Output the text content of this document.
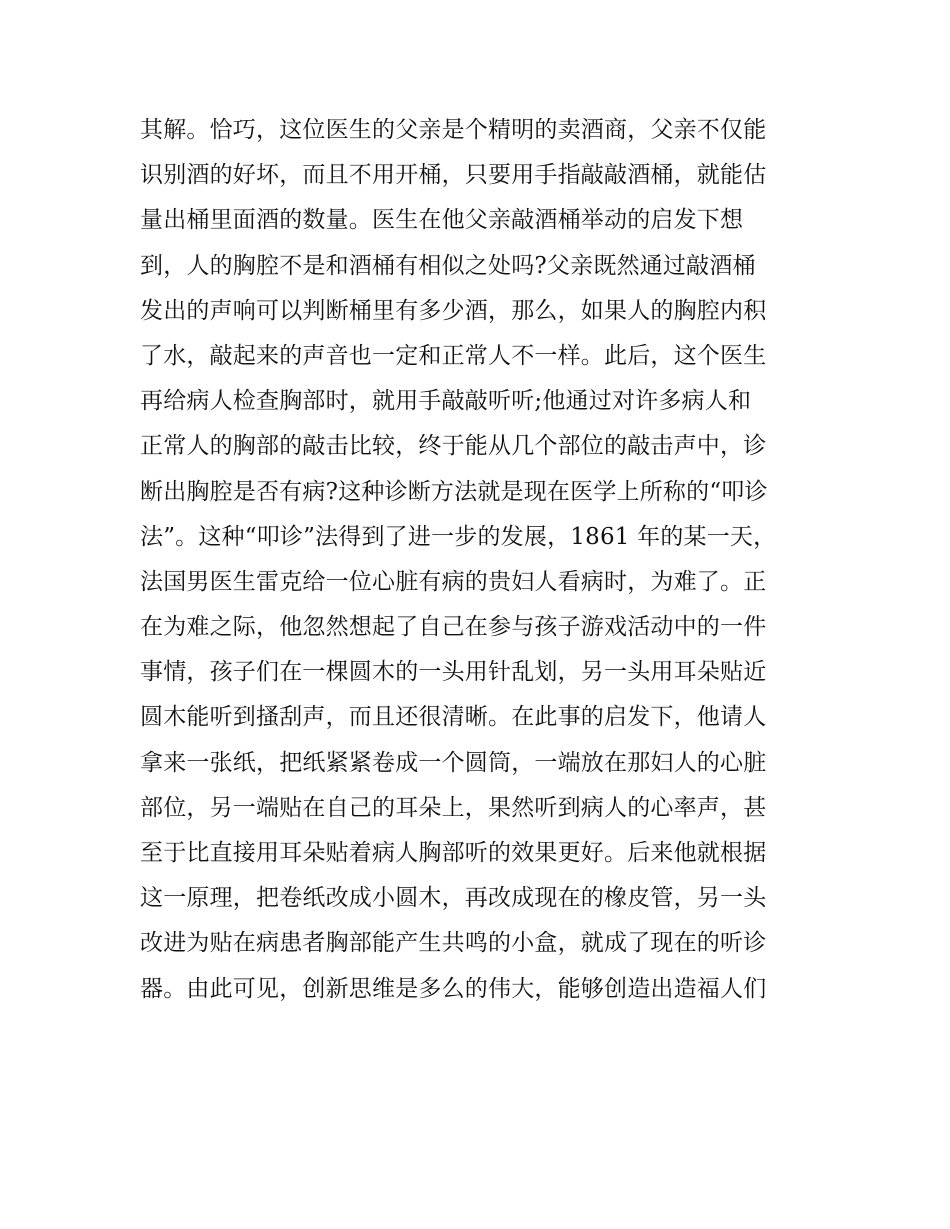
其解。恰巧，这位医生的父亲是个精明的卖酒商，父亲不仅能
识别酒的好坏，而且不用开桶，只要用手指敲敲酒桶，就能估
量出桶里面酒的数量。医生在他父亲敲酒桶举动的启发下想
到，人的胸腔不是和酒桶有相似之处吗?父亲既然通过敲酒桶
发出的声响可以判断桶里有多少酒，那么，如果人的胸腔内积
了水，敲起来的声音也一定和正常人不一样。此后，这个医生
再给病人检查胸部时，就用手敲敲听听;他通过对许多病人和
正常人的胸部的敲击比较，终于能从几个部位的敲击声中，诊
断出胸腔是否有病?这种诊断方法就是现在医学上所称的“叩诊
法”。这种“叩诊”法得到了进一步的发展，1861 年的某一天，
法国男医生雷克给一位心脏有病的贵妇人看病时，为难了。正
在为难之际，他忽然想起了自己在参与孩子游戏活动中的一件
事情，孩子们在一棵圆木的一头用针乱划，另一头用耳朵贴近
圆木能听到搔刮声，而且还很清晰。在此事的启发下，他请人
拿来一张纸，把纸紧紧卷成一个圆筒，一端放在那妇人的心脏
部位，另一端贴在自己的耳朵上，果然听到病人的心率声，甚
至于比直接用耳朵贴着病人胸部听的效果更好。后来他就根据
这一原理，把卷纸改成小圆木，再改成现在的橡皮管，另一头
改进为贴在病患者胸部能产生共鸣的小盒，就成了现在的听诊
器。由此可见，创新思维是多么的伟大，能够创造出造福人们
